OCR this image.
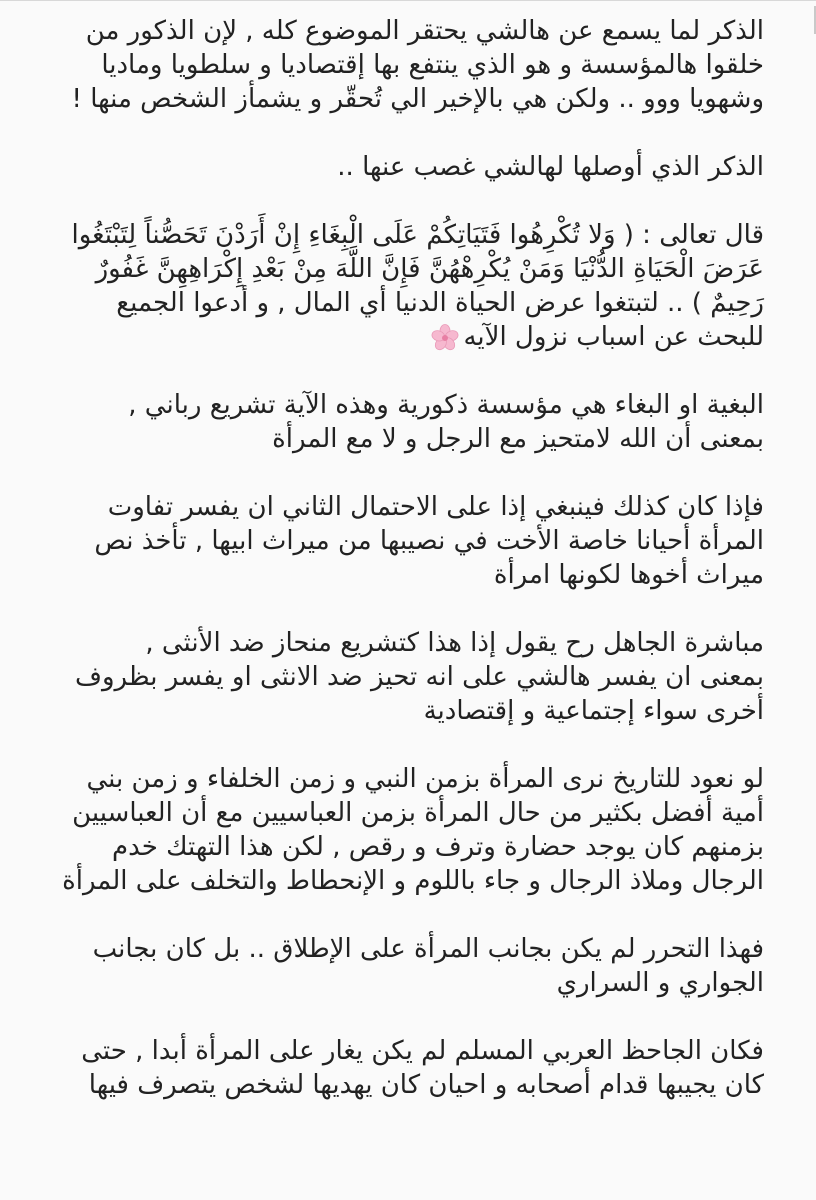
الذكر لما يسمع عن هالشي يحتقر الموضوع كله , لإن الذكور من
خلقوا هالمؤسسة و هو الذي ينتفع بها إقتصاديا و سلطويا وماديا
وشهويا ووو .. ولكن هي بالإخير الي تُحقّر و يشمأز الشخص منها !

الذكر الذي أوصلها لهالشي غصب عنها ..

قال تعالى : ( وَلا تُكْرِهُوا فَتَيَاتِكُمْ عَلَى الْبِغَاءِ إِنْ أَرَدْنَ تَحَصُّناً لِتَبْتَغُوا
عَرَضَ الْحَيَاةِ الدُّنْيَا وَمَنْ يُكْرِهْهُنَّ فَإِنَّ اللَّهَ مِنْ بَعْدِ إِكْرَاهِهِنَّ غَفُورٌ
رَحِيمٌ ) .. لتبتغوا عرض الحياة الدنيا أي المال , و أدعوا الجميع
للبحث عن اسباب نزول الآيه

البغية او البغاء هي مؤسسة ذكورية وهذه الآية تشريع رباني ,
بمعنى أن الله لامتحيز مع الرجل و لا مع المرأة

فإذا كان كذلك فينبغي إذا على الاحتمال الثاني ان يفسر تفاوت
المرأة أحيانا خاصة الأخت في نصيبها من ميراث ابيها , تأخذ نص
ميراث أخوها لكونها امرأة

مباشرة الجاهل رح يقول إذا هذا كتشريع منحاز ضد الأنثى ,
بمعنى ان يفسر هالشي على انه تحيز ضد الانثى او يفسر بظروف
أخرى سواء إجتماعية و إقتصادية

لو نعود للتاريخ نرى المرأة بزمن النبي و زمن الخلفاء و زمن بني
أمية أفضل بكثير من حال المرأة بزمن العباسيين مع أن العباسيين
بزمنهم كان يوجد حضارة وترف و رقص , لكن هذا التهتك خدم
الرجال وملاذ الرجال و جاء باللوم و الإنحطاط والتخلف على المرأة

فهذا التحرر لم يكن بجانب المرأة على الإطلاق .. بل كان بجانب
الجواري و السراري

فكان الجاحظ العربي المسلم لم يكن يغار على المرأة أبدا , حتى
كان يجيبها قدام أصحابه و احيان كان يهديها لشخص يتصرف فيها
